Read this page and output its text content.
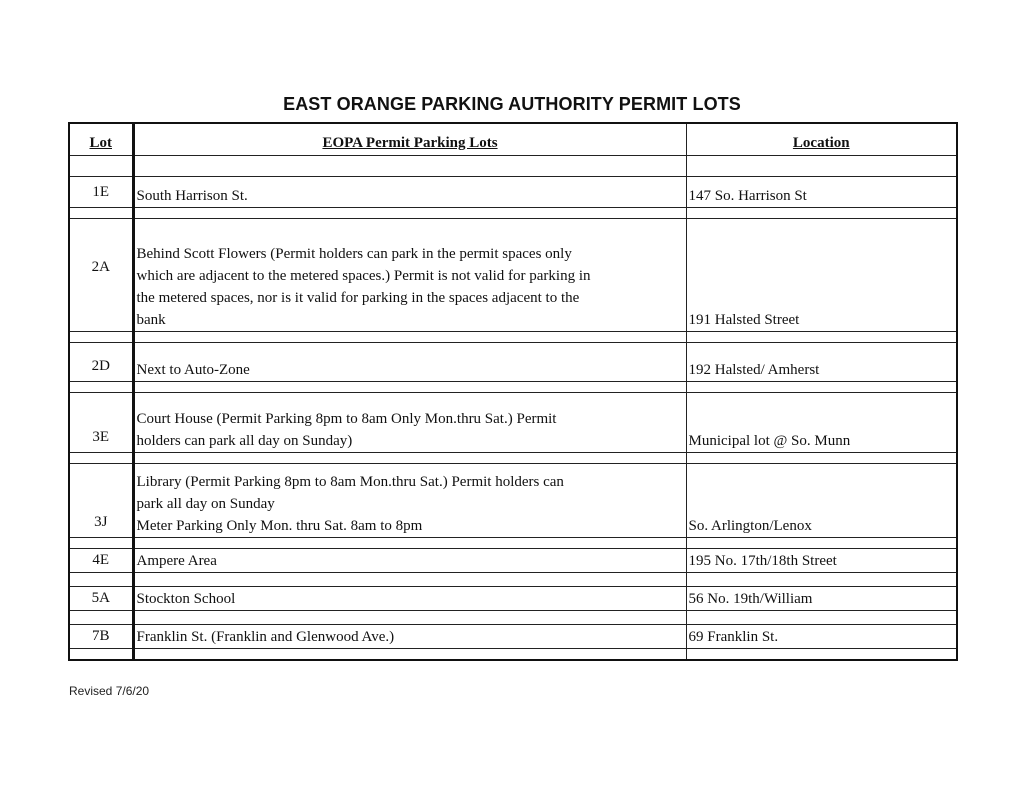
EAST ORANGE PARKING AUTHORITY PERMIT LOTS
Lot	EOPA Permit Parking Lots	Location

1E	South Harrison St.	147 So. Harrison St

2A	Behind Scott Flowers (Permit holders can park in the permit spaces only
which are adjacent to the metered spaces.) Permit is not valid for parking in
the metered spaces, nor is it valid for parking in the spaces adjacent to the
bank	191 Halsted Street

2D	Next to Auto-Zone	192 Halsted/ Amherst

3E	Court House (Permit Parking 8pm to 8am Only Mon.thru Sat.) Permit
holders can park all day on Sunday)	Municipal lot @ So. Munn

3J	Library (Permit Parking 8pm to 8am Mon.thru Sat.) Permit holders can
park all day on Sunday
Meter Parking Only Mon. thru Sat. 8am to 8pm	So. Arlington/Lenox

4E	Ampere Area	195 No. 17th/18th Street

5A	Stockton School	56 No. 19th/William

7B	Franklin St. (Franklin and Glenwood Ave.)	69 Franklin St.

Revised 7/6/20
